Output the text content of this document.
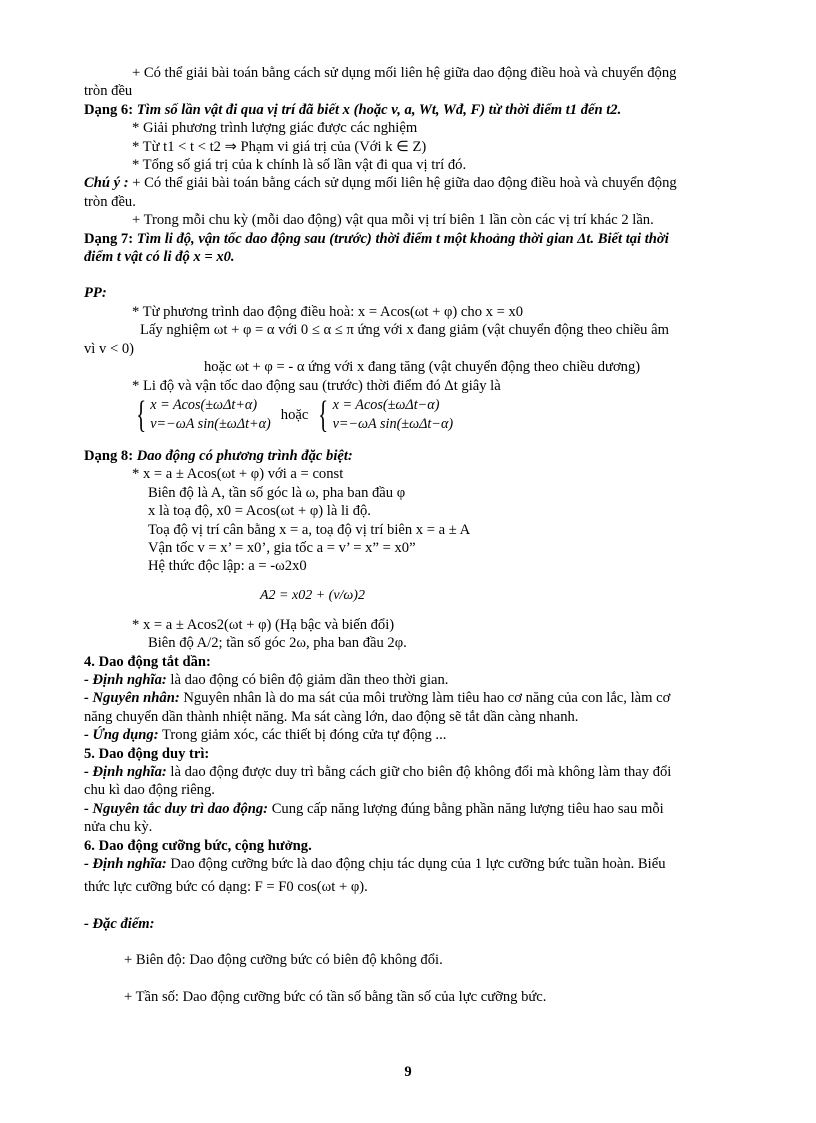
+ Có thể giải bài toán bằng cách sử dụng mối liên hệ giữa dao động điều hoà và chuyển động

tròn đều

Dạng 6: Tìm số lần vật đi qua vị trí đã biết x (hoặc v, a, Wt, Wđ, F) từ thời điểm t1 đến t2.

* Giải phương trình lượng giác được các nghiệm

* Từ t1 < t < t2 ⇒ Phạm vi giá trị của (Với k ∈ Z)

* Tổng số giá trị của k chính là số lần vật đi qua vị trí đó.

Chú ý : + Có thể giải bài toán bằng cách sử dụng mối liên hệ giữa dao động điều hoà và chuyển động

tròn đều.

+ Trong mỗi chu kỳ (mỗi dao động) vật qua mỗi vị trí biên 1 lần còn các vị trí khác 2 lần.

Dạng 7: Tìm li độ, vận tốc dao động sau (trước) thời điểm t một khoảng thời gian Δt. Biết tại thời

điểm t vật có li độ x = x0.

PP:

* Từ phương trình dao động điều hoà: x = Acos(ωt + φ) cho x = x0

Lấy nghiệm ωt + φ = α với 0 ≤ α ≤ π ứng với x đang giảm (vật chuyển động theo chiều âm

vì v < 0)

hoặc ωt + φ = - α ứng với x đang tăng (vật chuyển động theo chiều dương)

* Li độ và vận tốc dao động sau (trước) thời điểm đó Δt giây là

{ x = Acos(±ωΔt+α)
v=−ωA sin(±ωΔt+α)
hoặc { x = Acos(±ωΔt−α)
v=−ωA sin(±ωΔt−α)

Dạng 8: Dao động có phương trình đặc biệt:

* x = a ± Acos(ωt + φ) với a = const

Biên độ là A, tần số góc là ω, pha ban đầu φ

x là toạ độ, x0 = Acos(ωt + φ) là li độ.

Toạ độ vị trí cân bằng x = a, toạ độ vị trí biên x = a ± A

Vận tốc v = x’ = x0’, gia tốc a = v’ = x” = x0”

Hệ thức độc lập: a = -ω2x0

A2 = x02 + (v/ω)2

* x = a ± Acos2(ωt + φ) (Hạ bậc và biến đổi)

Biên độ A/2; tần số góc 2ω, pha ban đầu 2φ.

4. Dao động tắt dần:

- Định nghĩa: là dao động có biên độ giảm dần theo thời gian.

- Nguyên nhân: Nguyên nhân là do ma sát của môi trường làm tiêu hao cơ năng của con lắc, làm cơ

năng chuyển dần thành nhiệt năng. Ma sát càng lớn, dao động sẽ tắt dần càng nhanh.

- Ứng dụng: Trong giảm xóc, các thiết bị đóng cửa tự động ...

5. Dao động duy trì:

- Định nghĩa: là dao động được duy trì bằng cách giữ cho biên độ không đổi mà không làm thay đổi

chu kì dao động riêng.

- Nguyên tắc duy trì dao động: Cung cấp năng lượng đúng bằng phần năng lượng tiêu hao sau mỗi

nửa chu kỳ.

6. Dao động cưỡng bức, cộng hưởng.

- Định nghĩa: Dao động cưỡng bức là dao động chịu tác dụng của 1 lực cưỡng bức tuần hoàn. Biểu

thức lực cưỡng bức có dạng: F = F0 cos(ωt + φ).

- Đặc điểm:

+ Biên độ: Dao động cưỡng bức có biên độ không đổi.

+ Tần số: Dao động cưỡng bức có tần số bằng tần số của lực cưỡng bức.

9
